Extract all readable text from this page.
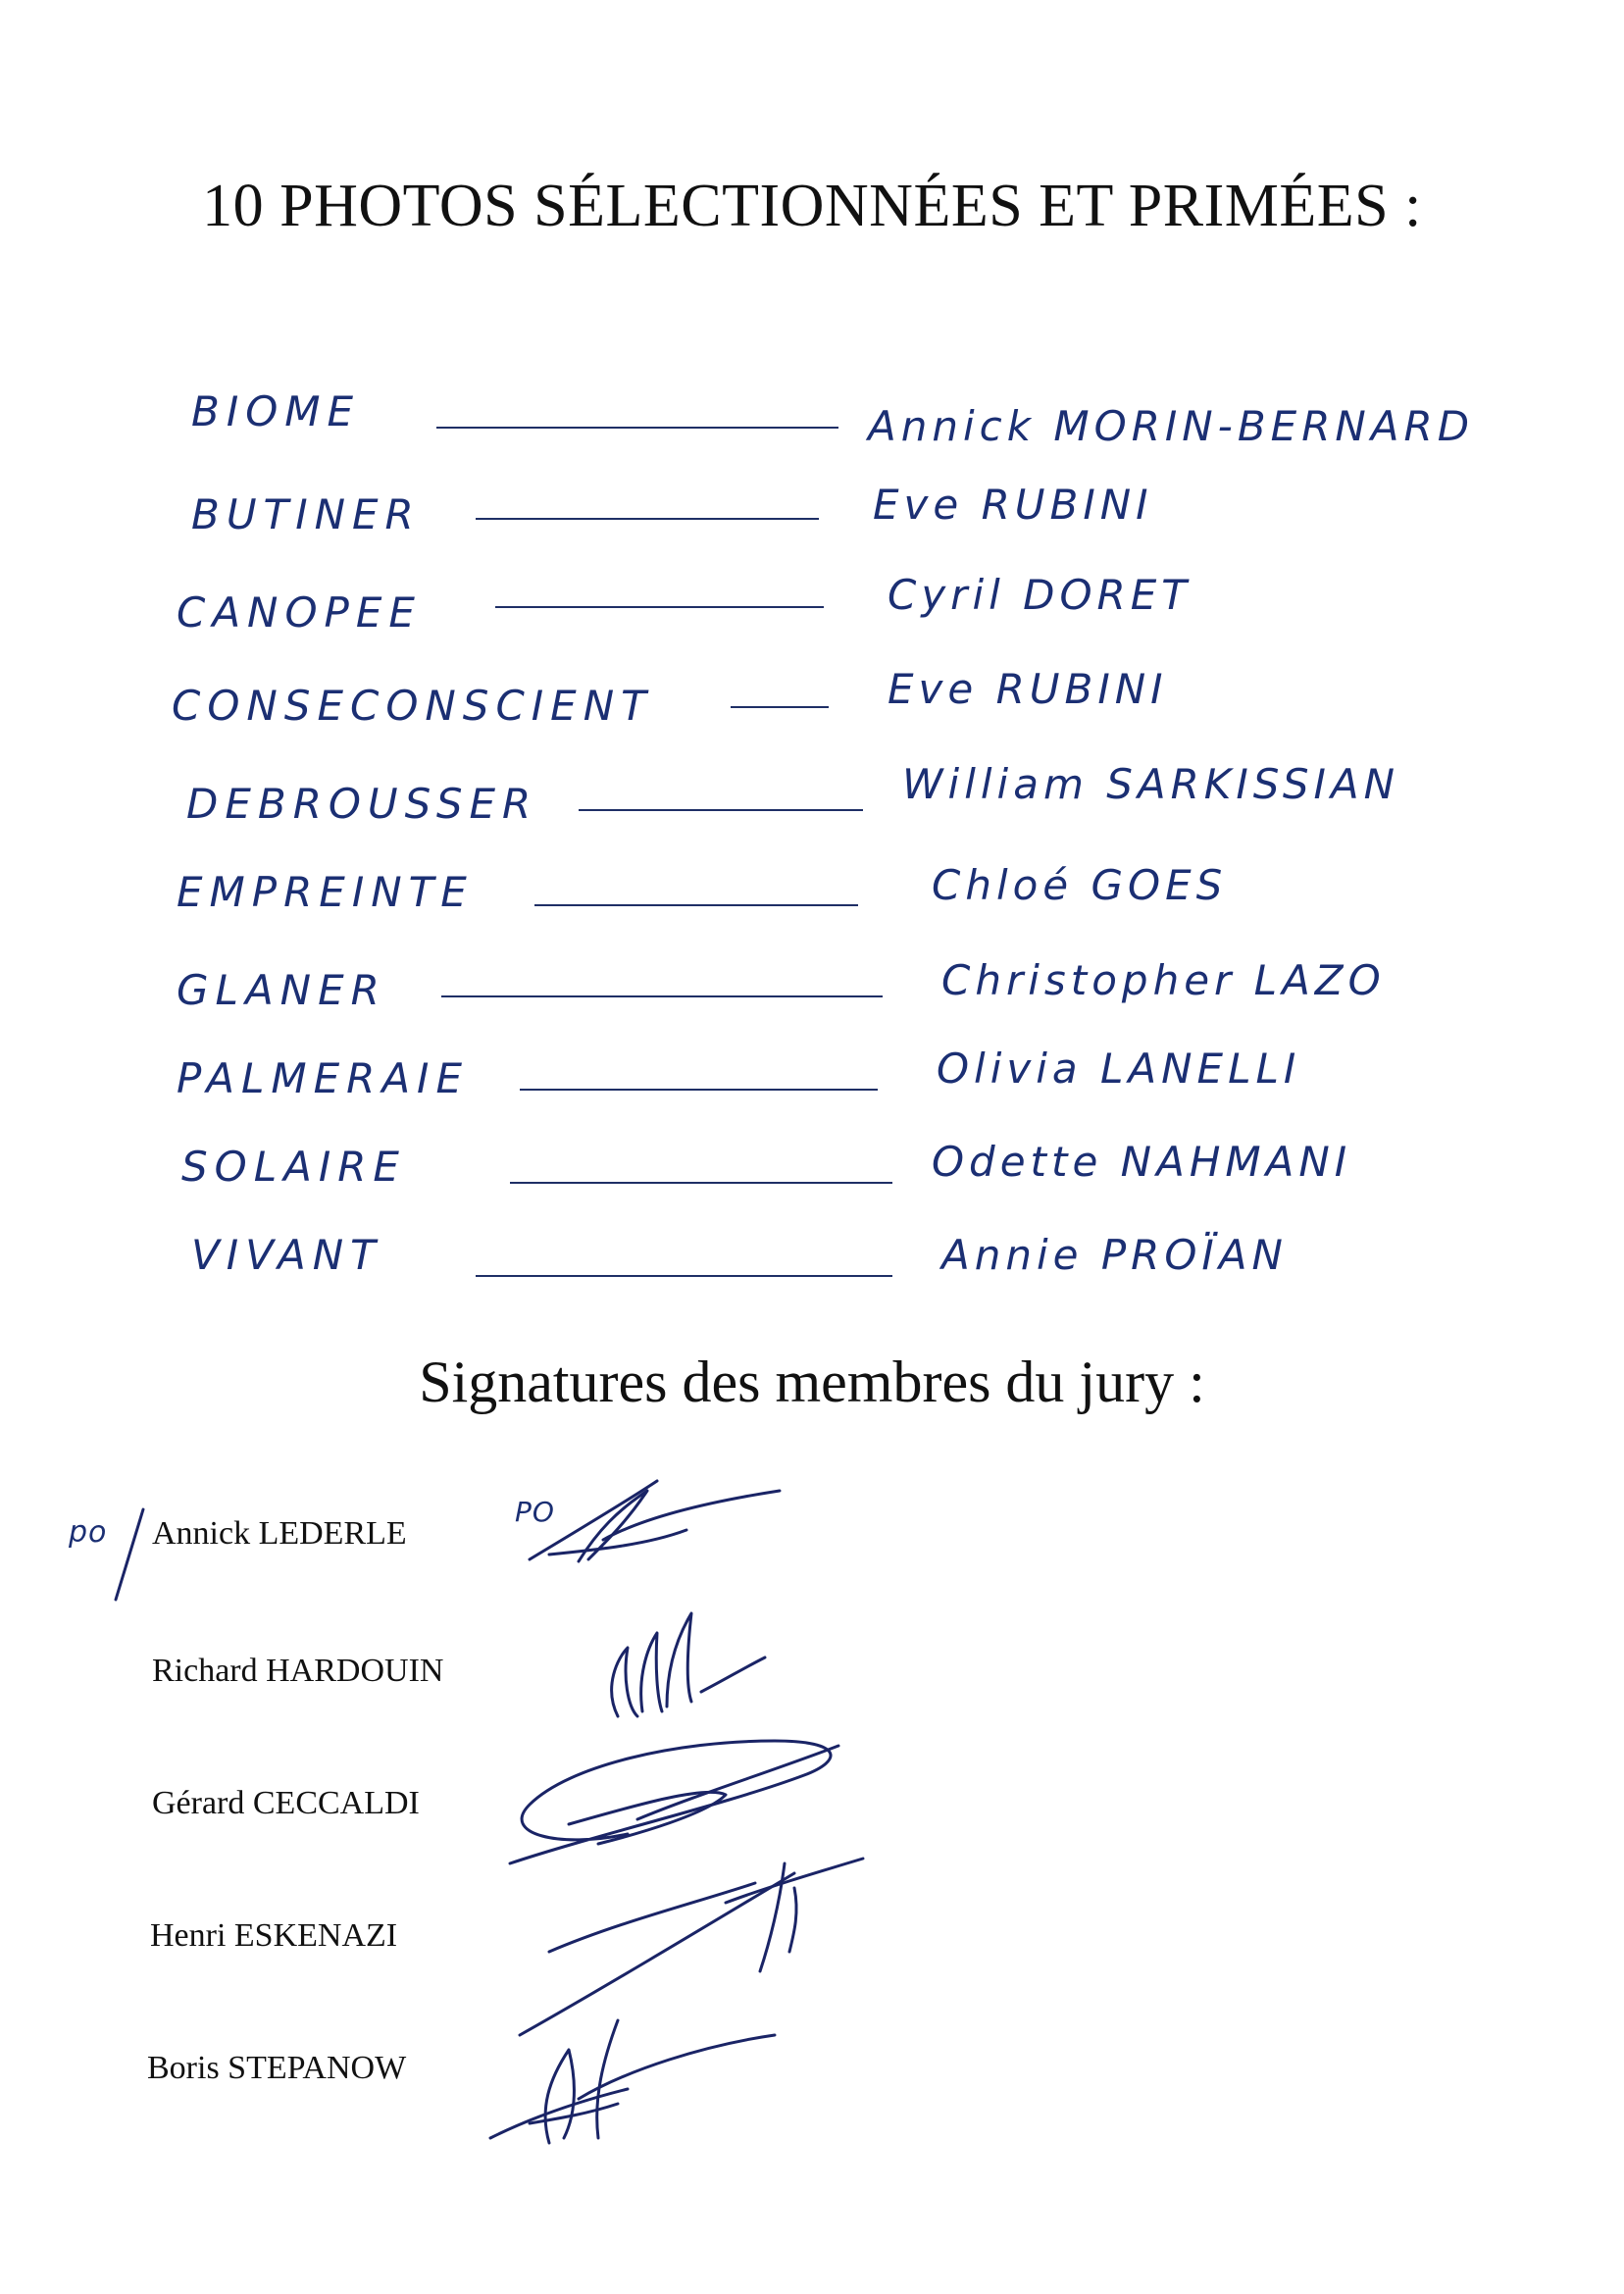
10 PHOTOS SÉLECTIONNÉES ET PRIMÉES :
BIOME	Annick MORIN-BERNARD
BUTINER	Eve RUBINI
CANOPEE	Cyril DORET
CONSECONSCIENT	Eve RUBINI
DEBROUSSER	William SARKISSIAN
EMPREINTE	Chloé GOES
GLANER	Christopher LAZO
PALMERAIE	Olivia LANELLI
SOLAIRE	Odette NAHMANI
VIVANT	Annie PROÏAN
Signatures des membres du jury :
po Annick LEDERLE
PO
Richard HARDOUIN
Gérard CECCALDI
Henri ESKENAZI
Boris STEPANOW
